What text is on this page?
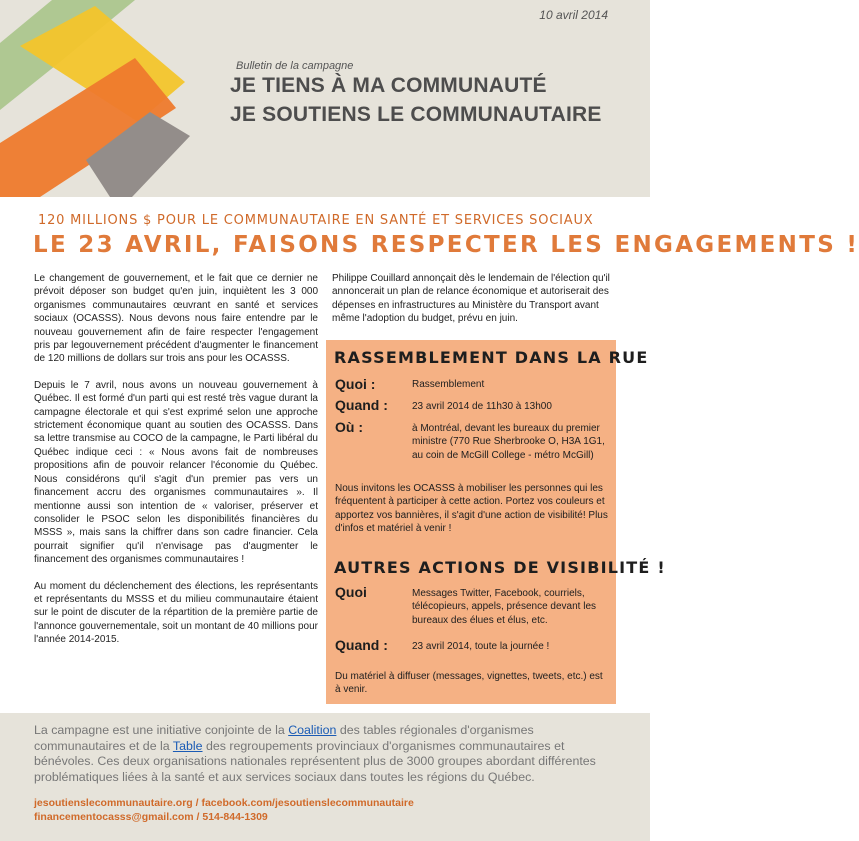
10 avril 2014
Bulletin de la campagne
JE TIENS À MA COMMUNAUTÉ
JE SOUTIENS LE COMMUNAUTAIRE
120 MILLIONS $ POUR LE COMMUNAUTAIRE EN SANTÉ ET SERVICES SOCIAUX
LE 23 AVRIL, FAISONS RESPECTER LES ENGAGEMENTS !

Le changement de gouvernement, et le fait que ce dernier ne prévoit déposer son budget qu'en juin, inquiètent les 3 000 organismes communautaires œuvrant en santé et services sociaux (OCASSS). Nous devons nous faire entendre par le nouveau gouvernement afin de faire respecter l'engagement pris par legouvernement précédent d'augmenter le financement de 120 millions de dollars sur trois ans pour les OCASSS.

Depuis le 7 avril, nous avons un nouveau gouvernement à Québec. Il est formé d'un parti qui est resté très vague durant la campagne électorale et qui s'est exprimé selon une approche strictement économique quant au soutien des OCASSS. Dans sa lettre transmise au COCO de la campagne, le Parti libéral du Québec indique ceci : « Nous avons fait de nombreuses propositions afin de pouvoir relancer l'économie du Québec. Nous considérons qu'il s'agit d'un premier pas vers un financement accru des organismes communautaires ». Il mentionne aussi son intention de « valoriser, préserver et consolider le PSOC selon les disponibilités financières du MSSS », mais sans la chiffrer dans son cadre financier. Cela pourrait signifier qu'il n'envisage pas d'augmenter le financement des organismes communautaires !

Au moment du déclenchement des élections, les représentants et représentants du MSSS et du milieu communautaire étaient sur le point de discuter de la répartition de la première partie de l'annonce gouvernementale, soit un montant de 40 millions pour l'année 2014-2015.

Philippe Couillard annonçait dès le lendemain de l'élection qu'il annoncerait un plan de relance économique et autoriserait des dépenses en infrastructures au Ministère du Transport avant même l'adoption du budget, prévu en juin.
RASSEMBLEMENT DANS LA RUE
Quoi :	Rassemblement
Quand : 23 avril 2014 de 11h30 à 13h00
Où :	à Montréal, devant les bureaux du premier ministre (770 Rue Sherbrooke O, H3A 1G1, au coin de McGill College - métro McGill)
Nous invitons les OCASSS à mobiliser les personnes qui les fréquentent à participer à cette action. Portez vos couleurs et apportez vos bannières, il s'agit d'une action de visibilité! Plus d'infos et matériel à venir !
AUTRES ACTIONS DE VISIBILITÉ !
Quoi	Messages Twitter, Facebook, courriels, télécopieurs, appels, présence devant les bureaux des élues et élus, etc.
Quand : 23 avril 2014, toute la journée !
Du matériel à diffuser (messages, vignettes, tweets, etc.) est à venir.
La campagne est une initiative conjointe de la Coalition des tables régionales d'organismes communautaires et de la Table des regroupements provinciaux d'organismes communautaires et bénévoles. Ces deux organisations nationales représentent plus de 3000 groupes abordant différentes problématiques liées à la santé et aux services sociaux dans toutes les régions du Québec.
jesoutienslecommunautaire.org / facebook.com/jesoutienslecommunautaire
financementocasss@gmail.com / 514-844-1309
